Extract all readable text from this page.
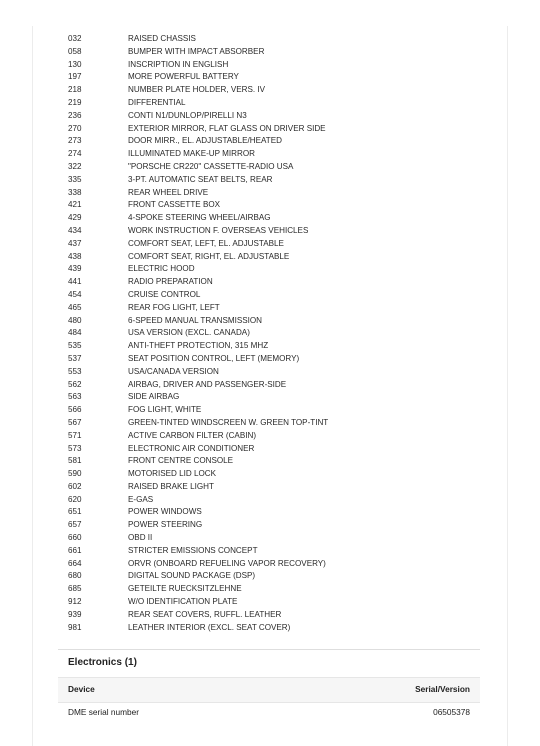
032	RAISED CHASSIS
058	BUMPER WITH IMPACT ABSORBER
130	INSCRIPTION IN ENGLISH
197	MORE POWERFUL BATTERY
218	NUMBER PLATE HOLDER, VERS. IV
219	DIFFERENTIAL
236	CONTI N1/DUNLOP/PIRELLI N3
270	EXTERIOR MIRROR, FLAT GLASS ON DRIVER SIDE
273	DOOR MIRR., EL. ADJUSTABLE/HEATED
274	ILLUMINATED MAKE-UP MIRROR
322	"PORSCHE CR220" CASSETTE-RADIO USA
335	3-PT. AUTOMATIC SEAT BELTS, REAR
338	REAR WHEEL DRIVE
421	FRONT CASSETTE BOX
429	4-SPOKE STEERING WHEEL/AIRBAG
434	WORK INSTRUCTION F. OVERSEAS VEHICLES
437	COMFORT SEAT, LEFT, EL. ADJUSTABLE
438	COMFORT SEAT, RIGHT, EL. ADJUSTABLE
439	ELECTRIC HOOD
441	RADIO PREPARATION
454	CRUISE CONTROL
465	REAR FOG LIGHT, LEFT
480	6-SPEED MANUAL TRANSMISSION
484	USA VERSION (EXCL. CANADA)
535	ANTI-THEFT PROTECTION, 315 MHZ
537	SEAT POSITION CONTROL, LEFT (MEMORY)
553	USA/CANADA VERSION
562	AIRBAG, DRIVER AND PASSENGER-SIDE
563	SIDE AIRBAG
566	FOG LIGHT, WHITE
567	GREEN-TINTED WINDSCREEN W. GREEN TOP-TINT
571	ACTIVE CARBON FILTER (CABIN)
573	ELECTRONIC AIR CONDITIONER
581	FRONT CENTRE CONSOLE
590	MOTORISED LID LOCK
602	RAISED BRAKE LIGHT
620	E-GAS
651	POWER WINDOWS
657	POWER STEERING
660	OBD II
661	STRICTER EMISSIONS CONCEPT
664	ORVR (ONBOARD REFUELING VAPOR RECOVERY)
680	DIGITAL SOUND PACKAGE (DSP)
685	GETEILTE RUECKSITZLEHNE
912	W/O IDENTIFICATION PLATE
939	REAR SEAT COVERS, RUFFL. LEATHER
981	LEATHER INTERIOR (EXCL. SEAT COVER)
Electronics (1)
Device	Serial/Version
DME serial number	06505378
